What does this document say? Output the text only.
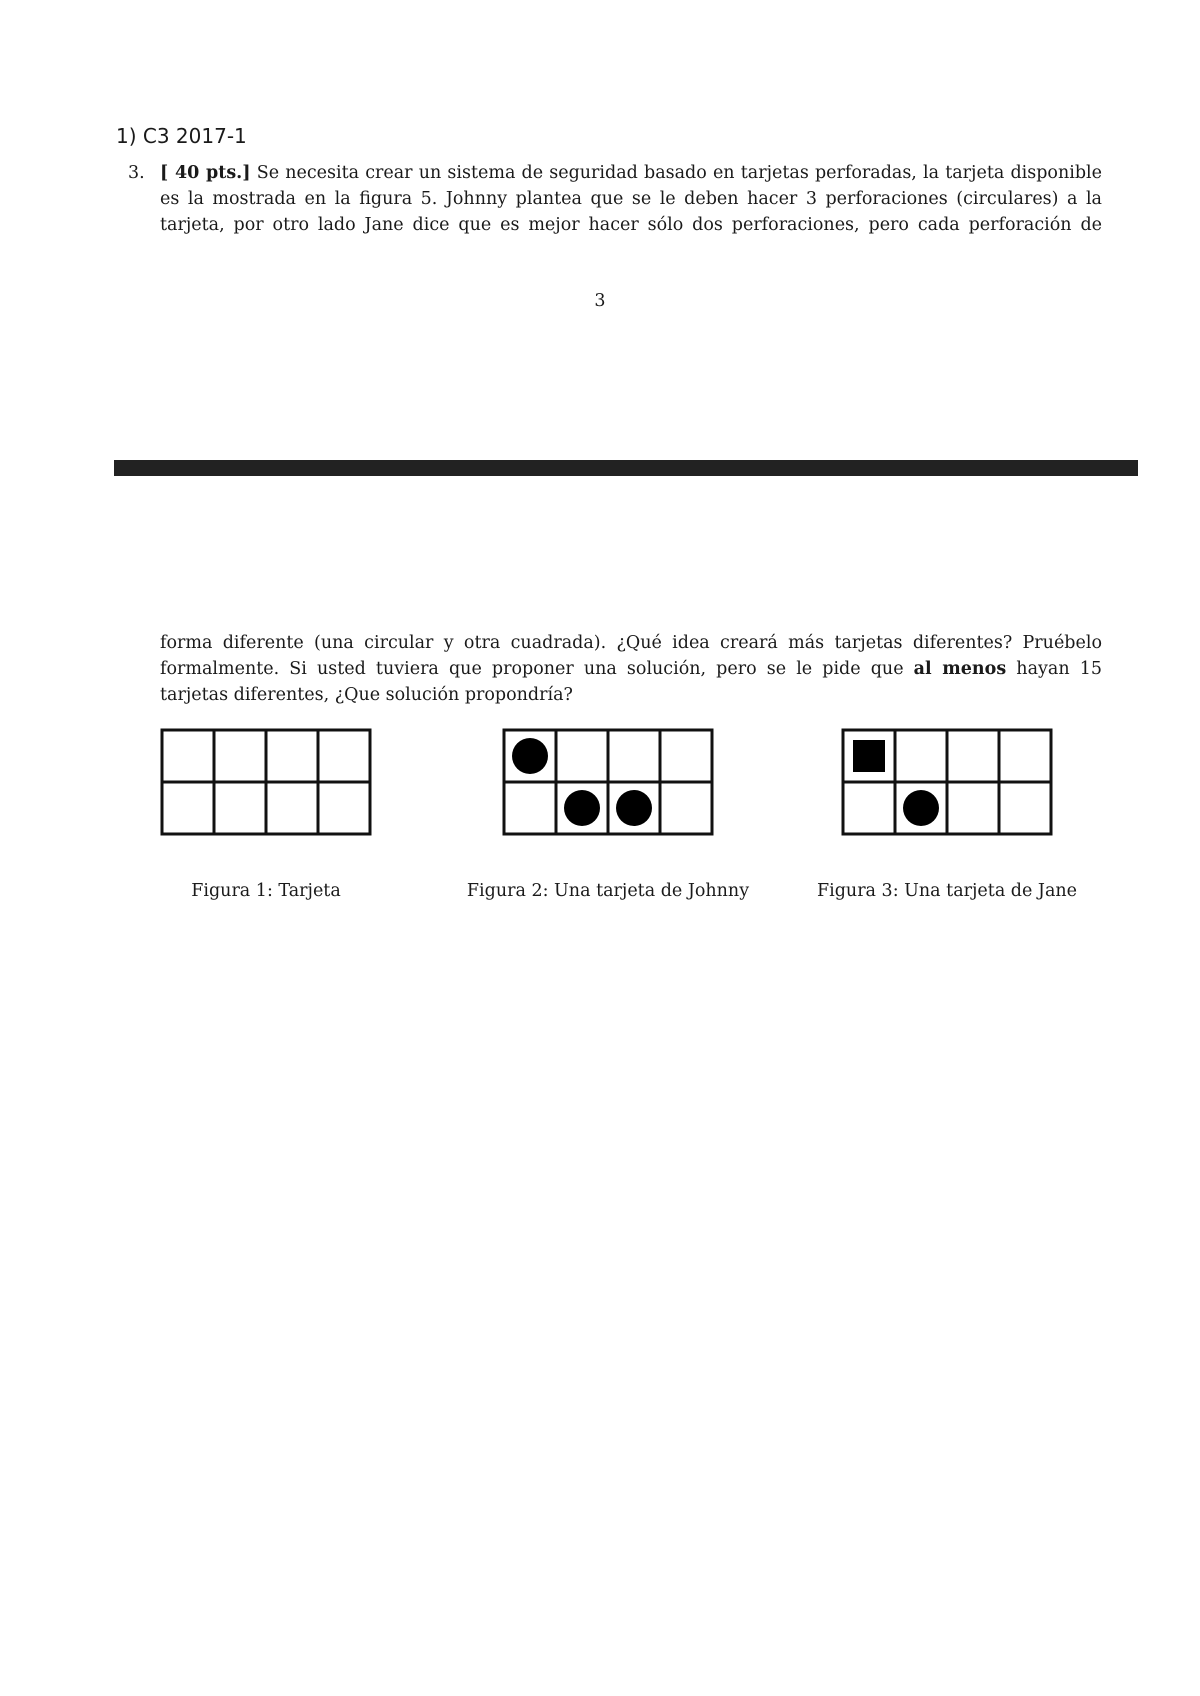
1) C3 2017-1
3. [ 40 pts.] Se necesita crear un sistema de seguridad basado en tarjetas perforadas, la tarjeta disponible
es la mostrada en la figura 5. Johnny plantea que se le deben hacer 3 perforaciones (circulares) a la
tarjeta, por otro lado Jane dice que es mejor hacer sólo dos perforaciones, pero cada perforación de
3
forma diferente (una circular y otra cuadrada). ¿Qué idea creará más tarjetas diferentes? Pruébelo
formalmente. Si usted tuviera que proponer una solución, pero se le pide que al menos hayan 15
tarjetas diferentes, ¿Que solución propondría?
Figura 1: Tarjeta	Figura 2: Una tarjeta de Johnny	Figura 3: Una tarjeta de Jane
